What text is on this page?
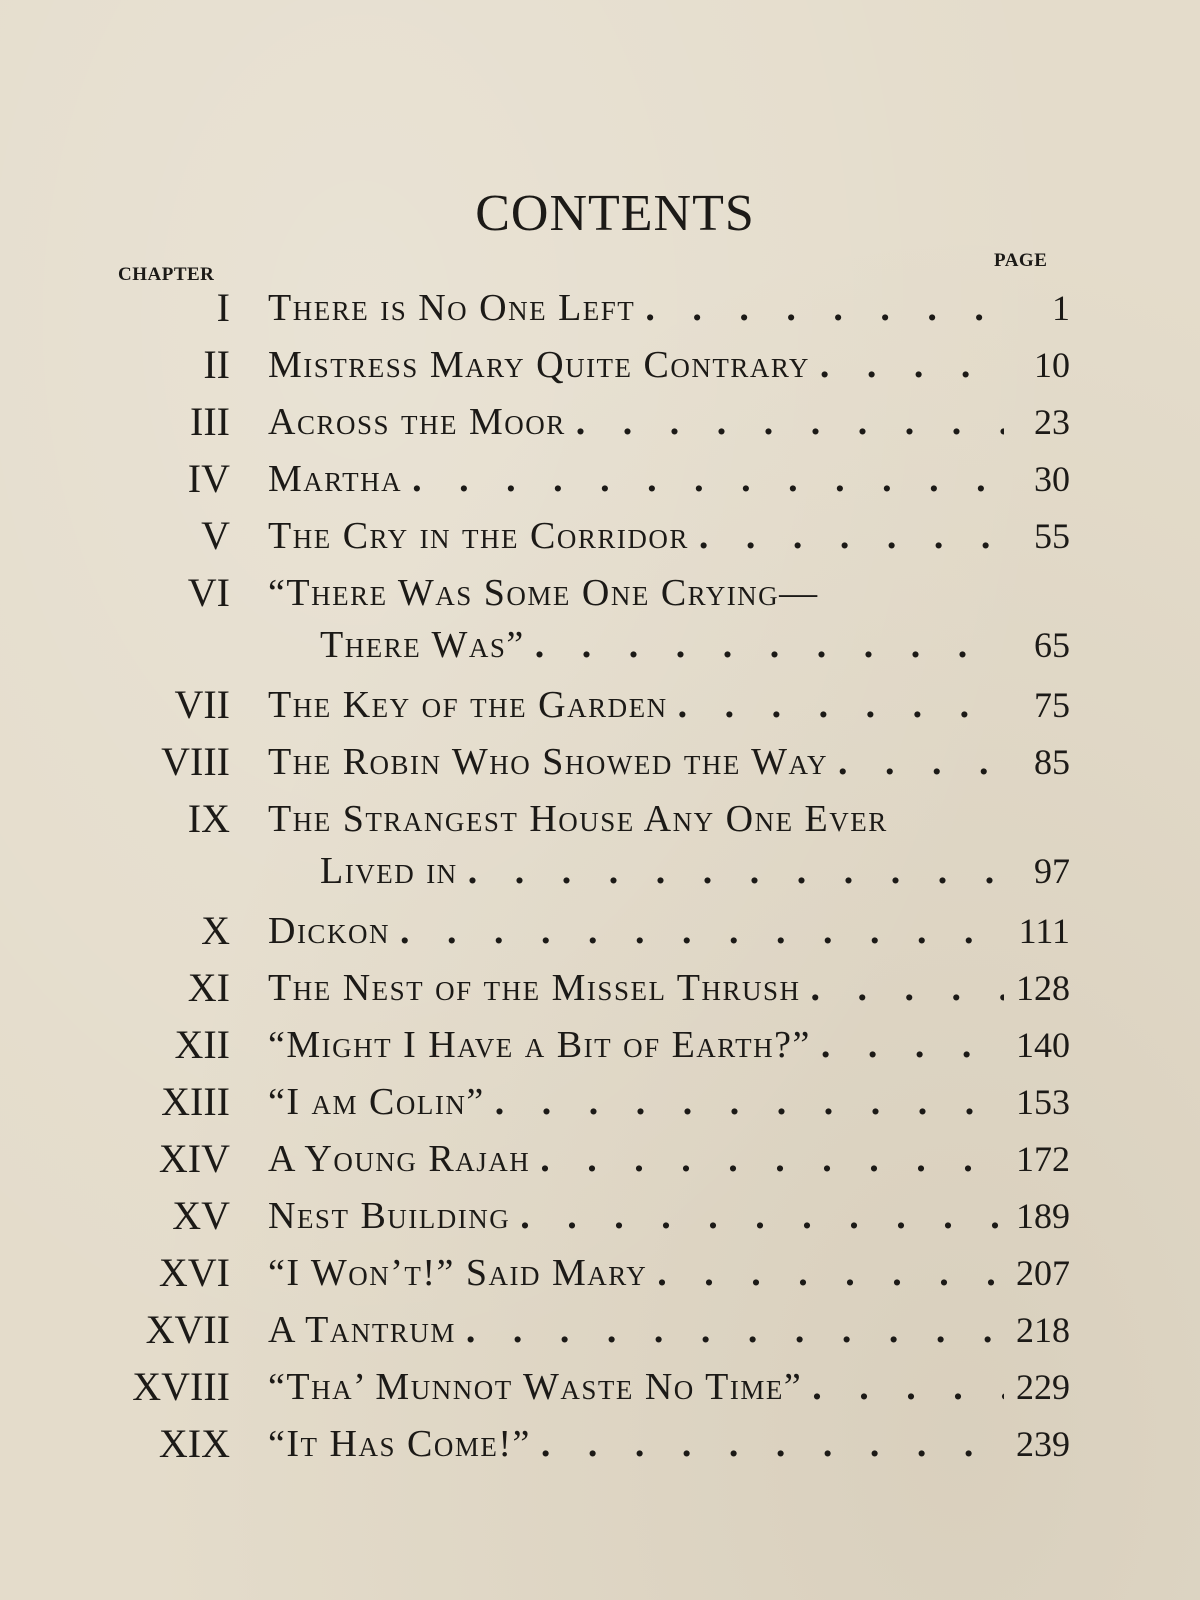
CONTENTS
CHAPTER
PAGE
I There is No One Left . . .	1
II Mistress Mary Quite Contrary . . .	10
III Across the Moor . . .	23
IV Martha . . .	30
V The Cry in the Corridor . . .	55
VI “There Was Some One Crying—
There Was” . . .	65
VII The Key of the Garden . . .	75
VIII The Robin Who Showed the Way . . .	85
IX The Strangest House Any One Ever
Lived in . . .	97
X Dickon . . .	111
XI The Nest of the Missel Thrush . . .	128
XII “Might I Have a Bit of Earth?” . . .	140
XIII “I am Colin” . . .	153
XIV A Young Rajah . . .	172
XV Nest Building . . .	189
XVI “I Won’t!” Said Mary . . .	207
XVII A Tantrum . . .	218
XVIII “Tha’ Munnot Waste No Time” . . .	229
XIX “It Has Come!” . . .	239
